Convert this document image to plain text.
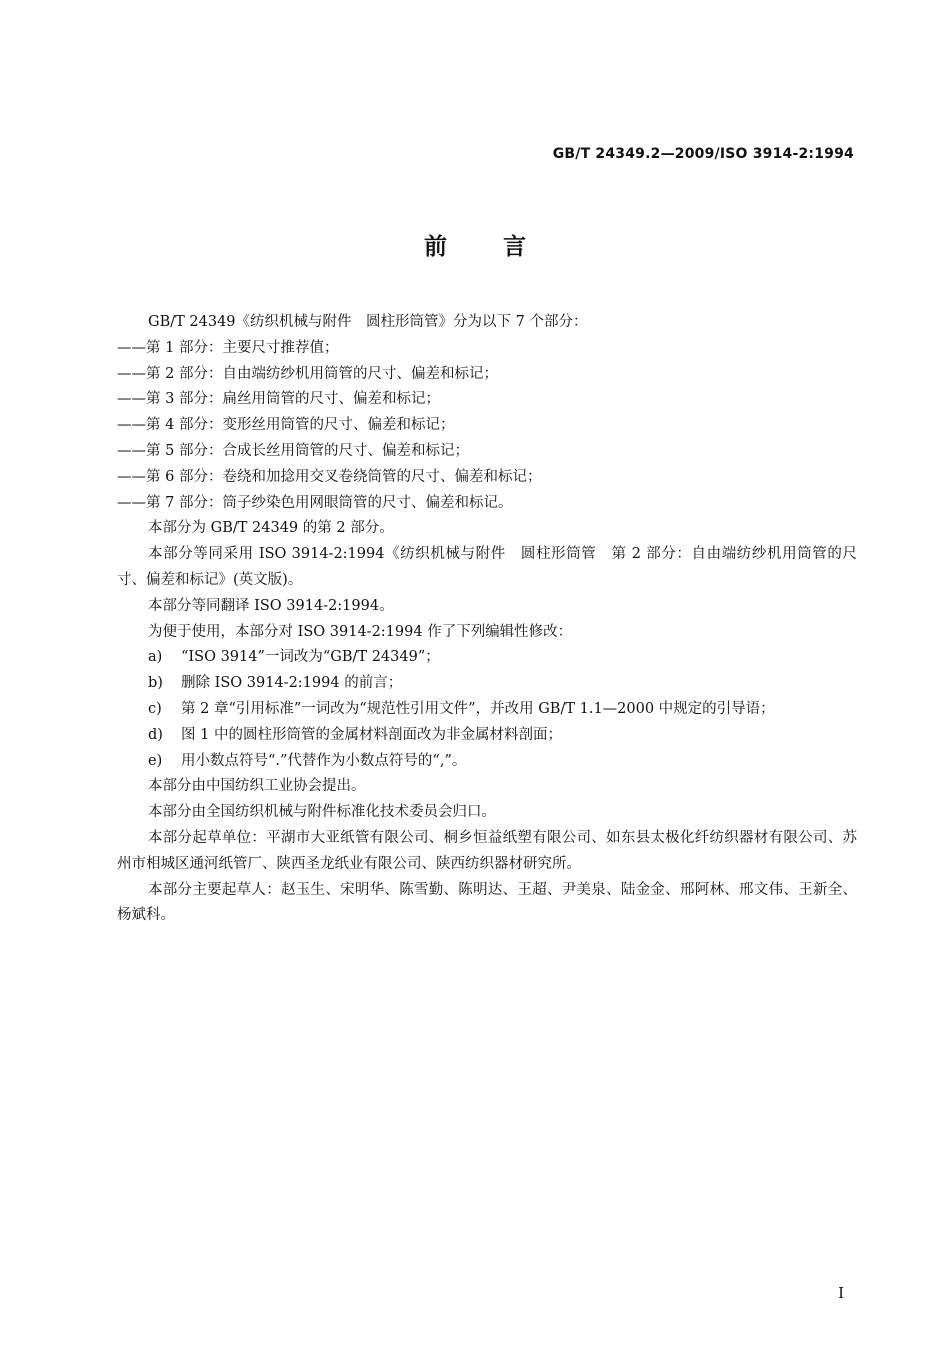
GB/T 24349.2—2009/ISO 3914-2:1994
前言

GB/T 24349《纺织机械与附件　圆柱形筒管》分为以下 7 个部分：

——第 1 部分：主要尺寸推荐值；

——第 2 部分：自由端纺纱机用筒管的尺寸、偏差和标记；

——第 3 部分：扁丝用筒管的尺寸、偏差和标记；

——第 4 部分：变形丝用筒管的尺寸、偏差和标记；

——第 5 部分：合成长丝用筒管的尺寸、偏差和标记；

——第 6 部分：卷绕和加捻用交叉卷绕筒管的尺寸、偏差和标记；

——第 7 部分：筒子纱染色用网眼筒管的尺寸、偏差和标记。

本部分为 GB/T 24349 的第 2 部分。

本部分等同采用 ISO 3914-2:1994《纺织机械与附件　圆柱形筒管　第 2 部分：自由端纺纱机用筒管的尺寸、偏差和标记》(英文版)。

本部分等同翻译 ISO 3914-2:1994。

为便于使用，本部分对 ISO 3914-2:1994 作了下列编辑性修改：

a)	“ISO 3914”一词改为“GB/T 24349”；

b)	删除 ISO 3914-2:1994 的前言；

c)	第 2 章“引用标准”一词改为“规范性引用文件”，并改用 GB/T 1.1—2000 中规定的引导语；

d)	图 1 中的圆柱形筒管的金属材料剖面改为非金属材料剖面；

e)	用小数点符号“.”代替作为小数点符号的“,”。

本部分由中国纺织工业协会提出。

本部分由全国纺织机械与附件标准化技术委员会归口。

本部分起草单位：平湖市大亚纸管有限公司、桐乡恒益纸塑有限公司、如东县太极化纤纺织器材有限公司、苏州市相城区通河纸管厂、陕西圣龙纸业有限公司、陕西纺织器材研究所。

本部分主要起草人：赵玉生、宋明华、陈雪勤、陈明达、王超、尹美泉、陆金金、邢阿林、邢文伟、王新全、杨斌科。

I
